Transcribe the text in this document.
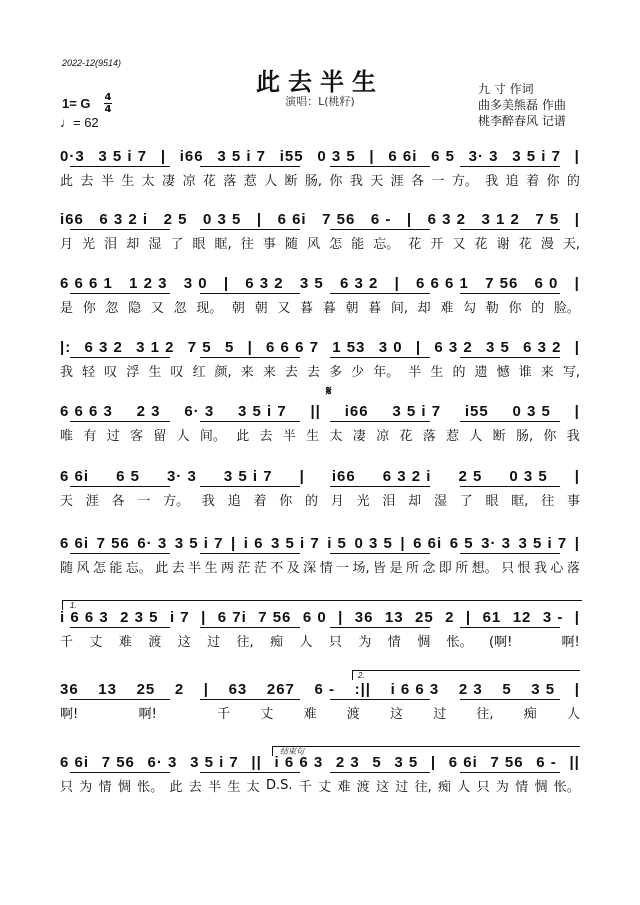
2022-12(9514)
此去半生
演唱：L(桃籽)
九 寸 作词
曲多美熊磊 作曲
桃李醉春风 记谱
1= G 4
4
♩= 62
𝄋
1.
2.
结束句
0·3 3 5 i 7 | i66 3 5 i 7 i55 0 3 5 | 6 6i 6 5 3· 3 3 5 i 7 |
此 去 半 生 太 凄 凉 花 落 惹 人 断 肠, 你 我 天 涯 各 一 方。 我 追 着 你 的
i66 6 3 2 i 2 5 0 3 5 | 6 6i 7 56 6 - | 6 3 2 3 1 2 7 5 |
月 光 泪 却 湿 了 眼 眶, 往 事 随 风 怎 能 忘。 花 开 又 花 谢 花 漫 天,
6 6 6 1 1 2 3 3 0 | 6 3 2 3 5 6 3 2 | 6 6 6 1 7 56 6 0 |
是 你 忽 隐 又 忽 现。 朝 朝 又 暮 暮 朝 暮 间, 却 难 勾 勒 你 的 脸。
|: 6 3 2 3 1 2 7 5 5 | 6 6 6 7 1 53 3 0 | 6 3 2 3 5 6 3 2 |
我 轻 叹 浮 生 叹 红 颜, 来 来 去 去 多 少 年。 半 生 的 遗 憾 谁 来 写,
6 6 6 3 2 3 6· 3 3 5 i 7 || i66 3 5 i 7 i55 0 3 5 |
唯 有 过 客 留 人 间。 此 去 半 生 太 凄 凉 花 落 惹 人 断 肠, 你 我
6 6i 6 5 3· 3 3 5 i 7 | i66 6 3 2 i 2 5 0 3 5 |
天 涯 各 一 方。 我 追 着 你 的 月 光 泪 却 湿 了 眼 眶, 往 事
6 6i 7 56 6· 3 3 5 i 7 | i 6 3 5 i 7 i 5 0 3 5 | 6 6i 6 5 3· 3 3 5 i 7 |
随 风 怎 能 忘。 此 去 半 生 两 茫 茫 不 及 深 情 一 场, 皆 是 所 念 即 所 想。 只 恨 我 心 落
i 6 6 3 2 3 5 i 7 | 6 7i 7 56 6 0 | 36 13 25 2 | 61 12 3 - |
千 丈 难 渡 这 过 往, 痴 人 只 为 情 惆 怅。 (啊!	啊!
36 13 25 2 | 63 267 6 - :|| i 6 6 3 2 3 5 3 5 |
啊!	啊!	千 丈 难 渡 这 过 往, 痴 人
6 6i 7 56 6· 3 3 5 i 7 || i 6 6 3 2 3 5 3 5 | 6 6i 7 56 6 - ||
只 为 情 惆 怅。 此 去 半 生 太 D.S. 千 丈 难 渡 这 过 往, 痴 人 只 为 情 惆 怅。
